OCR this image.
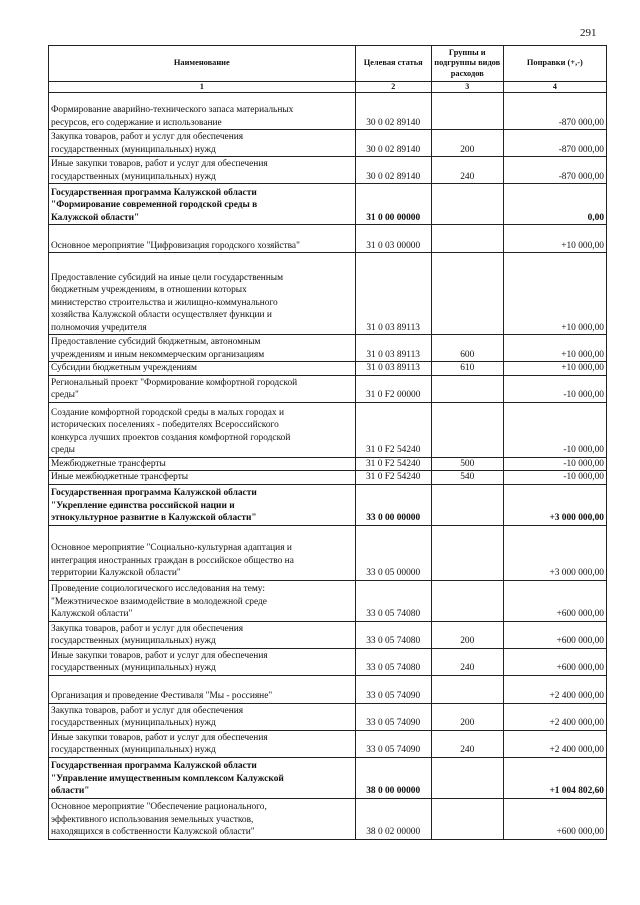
291
Наименование	Целевая статья	Группы и подгруппы видов расходов	Поправки (+,-)
1	2	3	4

Формирование аварийно-технического запаса материальных
ресурсов, его содержание и использование	30 0 02 89140		-870 000,00

Закупка товаров, работ и услуг для обеспечения
государственных (муниципальных) нужд	30 0 02 89140	200	-870 000,00

Иные закупки товаров, работ и услуг для обеспечения
государственных (муниципальных) нужд	30 0 02 89140	240	-870 000,00

Государственная программа Калужской области
"Формирование современной городской среды в
Калужской области"	31 0 00 00000		0,00

Основное мероприятие "Цифровизация городского хозяйства"	31 0 03 00000		+10 000,00

Предоставление субсидий на иные цели государственным
бюджетным учреждениям, в отношении которых
министерство строительства и жилищно-коммунального
хозяйства Калужской области осуществляет функции и
полномочия учредителя	31 0 03 89113		+10 000,00

Предоставление субсидий бюджетным, автономным
учреждениям и иным некоммерческим организациям	31 0 03 89113	600	+10 000,00

Субсидии бюджетным учреждениям	31 0 03 89113	610	+10 000,00

Региональный проект "Формирование комфортной городской
среды"	31 0 F2 00000		-10 000,00

Создание комфортной городской среды в малых городах и
исторических поселениях - победителях Всероссийского
конкурса лучших проектов создания комфортной городской
среды	31 0 F2 54240		-10 000,00

Межбюджетные трансферты	31 0 F2 54240	500	-10 000,00

Иные межбюджетные трансферты	31 0 F2 54240	540	-10 000,00

Государственная программа Калужской области
"Укрепление единства российской нации и
этнокультурное развитие в Калужской области"	33 0 00 00000		+3 000 000,00

Основное мероприятие "Социально-культурная адаптация и
интеграция иностранных граждан в российское общество на
территории Калужской области"	33 0 05 00000		+3 000 000,00

Проведение социологического исследования на тему:
"Межэтническое взаимодействие в молодежной среде
Калужской области"	33 0 05 74080		+600 000,00

Закупка товаров, работ и услуг для обеспечения
государственных (муниципальных) нужд	33 0 05 74080	200	+600 000,00

Иные закупки товаров, работ и услуг для обеспечения
государственных (муниципальных) нужд	33 0 05 74080	240	+600 000,00

Организация и проведение Фестиваля "Мы - россияне"	33 0 05 74090		+2 400 000,00

Закупка товаров, работ и услуг для обеспечения
государственных (муниципальных) нужд	33 0 05 74090	200	+2 400 000,00

Иные закупки товаров, работ и услуг для обеспечения
государственных (муниципальных) нужд	33 0 05 74090	240	+2 400 000,00

Государственная программа Калужской области
"Управление имущественным комплексом Калужской
области"	38 0 00 00000		+1 004 802,60

Основное мероприятие "Обеспечение рационального,
эффективного использования земельных участков,
находящихся в собственности Калужской области"	38 0 02 00000		+600 000,00
